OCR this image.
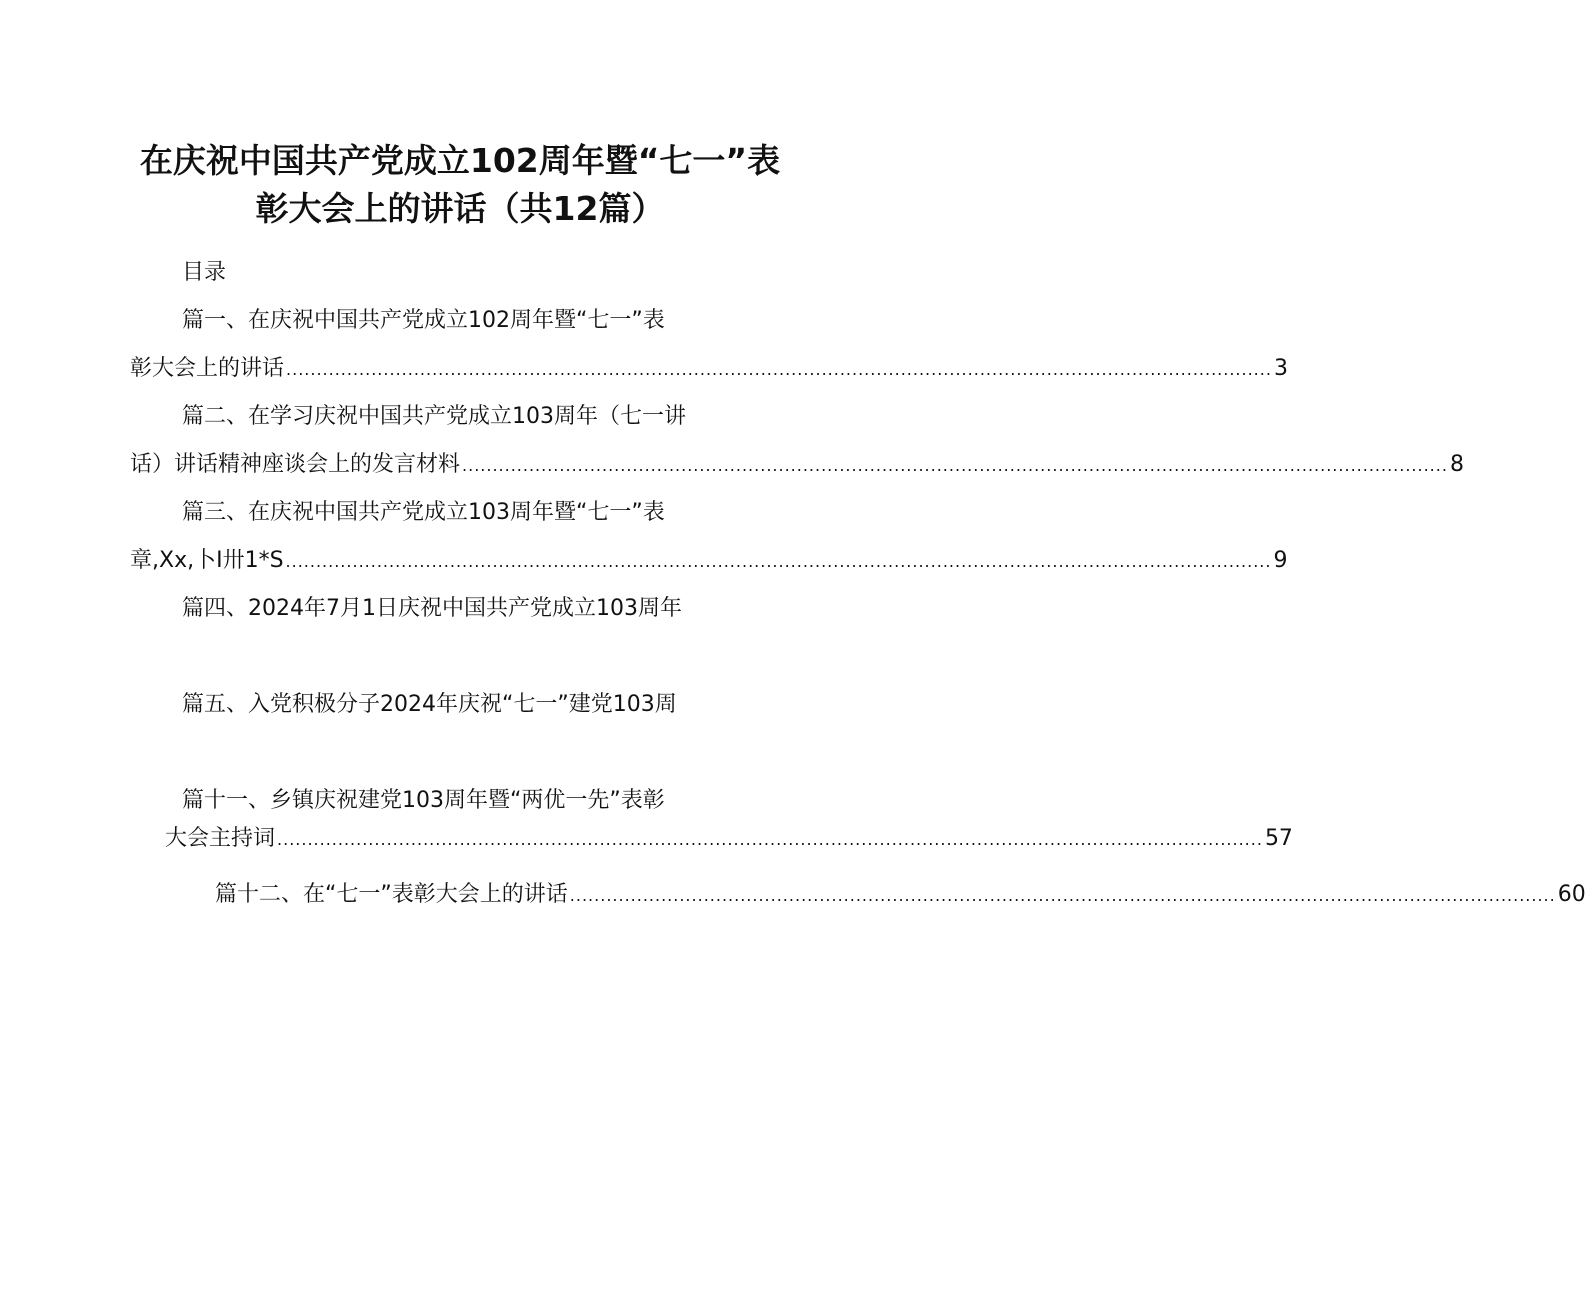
在庆祝中国共产党成立102周年暨“七一”表
彰大会上的讲话（共12篇）
目录
篇一、在庆祝中国共产党成立102周年暨“七一”表
彰大会上的讲话 .................................................................................................................................................................. 3
篇二、在学习庆祝中国共产党成立103周年（七一讲
话）讲话精神座谈会上的发言材料 .................................................................................................................................................................. 8
篇三、在庆祝中国共产党成立103周年暨“七一”表
章,Xx,卜I卅1*S .................................................................................................................................................................. 9
篇四、2024年7月1日庆祝中国共产党成立103周年
篇五、入党积极分子2024年庆祝“七一”建党103周
篇十一、乡镇庆祝建党103周年暨“两优一先”表彰
大会主持词 .................................................................................................................................................................. 57
篇十二、在“七一”表彰大会上的讲话 .................................................................................................................................................................. 60
